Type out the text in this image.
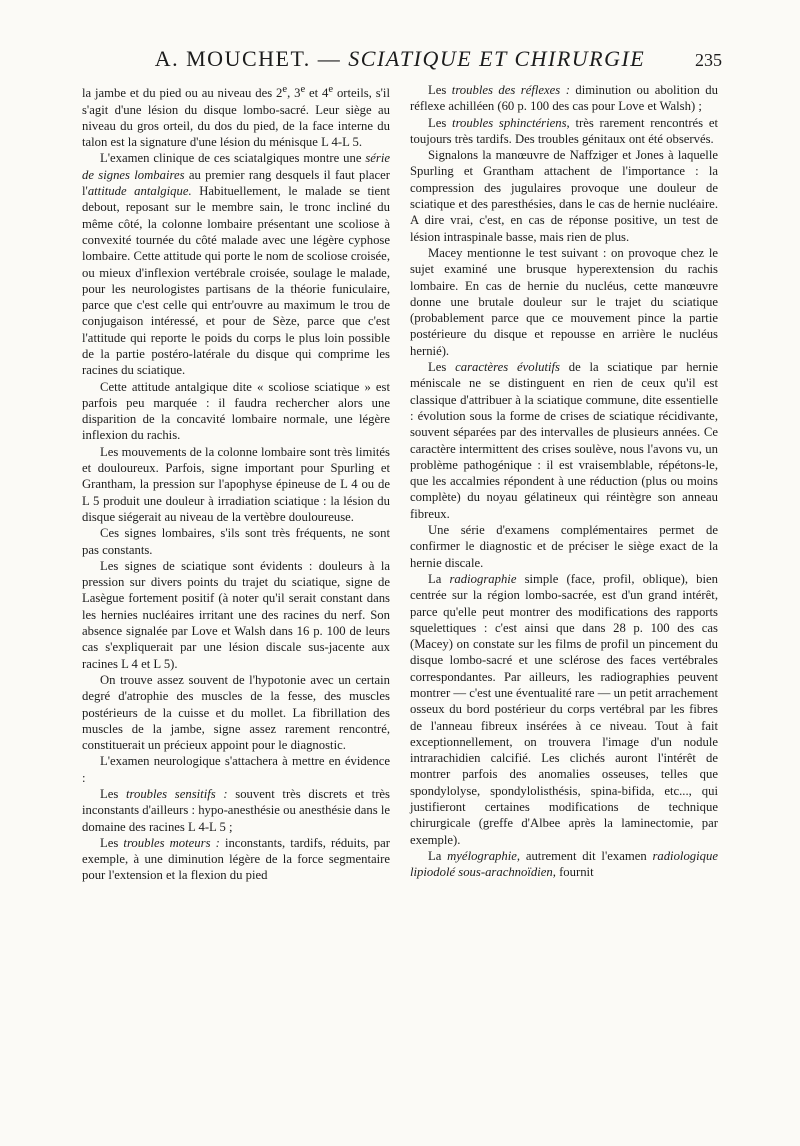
A. MOUCHET. — SCIATIQUE ET CHIRURGIE	235

la jambe et du pied ou au niveau des 2e, 3e et 4e orteils, s'il s'agit d'une lésion du disque lombo-sacré. Leur siège au niveau du gros orteil, du dos du pied, de la face interne du talon est la signature d'une lésion du ménisque L 4-L 5.

L'examen clinique de ces sciatalgiques montre une série de signes lombaires au premier rang desquels il faut placer l'attitude antalgique. Habituellement, le malade se tient debout, reposant sur le membre sain, le tronc incliné du même côté, la colonne lombaire présentant une scoliose à convexité tournée du côté malade avec une légère cyphose lombaire. Cette attitude qui porte le nom de scoliose croisée, ou mieux d'inflexion vertébrale croisée, soulage le malade, pour les neurologistes partisans de la théorie funiculaire, parce que c'est celle qui entr'ouvre au maximum le trou de conjugaison intéressé, et pour de Sèze, parce que c'est l'attitude qui reporte le poids du corps le plus loin possible de la partie postéro-latérale du disque qui comprime les racines du sciatique.

Cette attitude antalgique dite « scoliose sciatique » est parfois peu marquée : il faudra rechercher alors une disparition de la concavité lombaire normale, une légère inflexion du rachis.

Les mouvements de la colonne lombaire sont très limités et douloureux. Parfois, signe important pour Spurling et Grantham, la pression sur l'apophyse épineuse de L 4 ou de L 5 produit une douleur à irradiation sciatique : la lésion du disque siégerait au niveau de la vertèbre douloureuse.

Ces signes lombaires, s'ils sont très fréquents, ne sont pas constants.

Les signes de sciatique sont évidents : douleurs à la pression sur divers points du trajet du sciatique, signe de Lasègue fortement positif (à noter qu'il serait constant dans les hernies nucléaires irritant une des racines du nerf. Son absence signalée par Love et Walsh dans 16 p. 100 de leurs cas s'expliquerait par une lésion discale sus-jacente aux racines L 4 et L 5).

On trouve assez souvent de l'hypotonie avec un certain degré d'atrophie des muscles de la fesse, des muscles postérieurs de la cuisse et du mollet. La fibrillation des muscles de la jambe, signe assez rarement rencontré, constituerait un précieux appoint pour le diagnostic.

L'examen neurologique s'attachera à mettre en évidence :

Les troubles sensitifs : souvent très discrets et très inconstants d'ailleurs : hypo-anesthésie ou anesthésie dans le domaine des racines L 4-L 5 ;

Les troubles moteurs : inconstants, tardifs, réduits, par exemple, à une diminution légère de la force segmentaire pour l'extension et la flexion du pied

Les troubles des réflexes : diminution ou abolition du réflexe achilléen (60 p. 100 des cas pour Love et Walsh) ;

Les troubles sphinctériens, très rarement rencontrés et toujours très tardifs. Des troubles génitaux ont été observés.

Signalons la manœuvre de Naffziger et Jones à laquelle Spurling et Grantham attachent de l'importance : la compression des jugulaires provoque une douleur de sciatique et des paresthésies, dans le cas de hernie nucléaire. A dire vrai, c'est, en cas de réponse positive, un test de lésion intraspinale basse, mais rien de plus.

Macey mentionne le test suivant : on provoque chez le sujet examiné une brusque hyperextension du rachis lombaire. En cas de hernie du nucléus, cette manœuvre donne une brutale douleur sur le trajet du sciatique (probablement parce que ce mouvement pince la partie postérieure du disque et repousse en arrière le nucléus hernié).

Les caractères évolutifs de la sciatique par hernie méniscale ne se distinguent en rien de ceux qu'il est classique d'attribuer à la sciatique commune, dite essentielle : évolution sous la forme de crises de sciatique récidivante, souvent séparées par des intervalles de plusieurs années. Ce caractère intermittent des crises soulève, nous l'avons vu, un problème pathogénique : il est vraisemblable, répétons-le, que les accalmies répondent à une réduction (plus ou moins complète) du noyau gélatineux qui réintègre son anneau fibreux.

Une série d'examens complémentaires permet de confirmer le diagnostic et de préciser le siège exact de la hernie discale.

La radiographie simple (face, profil, oblique), bien centrée sur la région lombo-sacrée, est d'un grand intérêt, parce qu'elle peut montrer des modifications des rapports squelettiques : c'est ainsi que dans 28 p. 100 des cas (Macey) on constate sur les films de profil un pincement du disque lombo-sacré et une sclérose des faces vertébrales correspondantes. Par ailleurs, les radiographies peuvent montrer — c'est une éventualité rare — un petit arrachement osseux du bord postérieur du corps vertébral par les fibres de l'anneau fibreux insérées à ce niveau. Tout à fait exceptionnellement, on trouvera l'image d'un nodule intrarachidien calcifié. Les clichés auront l'intérêt de montrer parfois des anomalies osseuses, telles que spondylolyse, spondylolisthésis, spina-bifida, etc..., qui justifieront certaines modifications de technique chirurgicale (greffe d'Albee après la laminectomie, par exemple).

La myélographie, autrement dit l'examen radiologique lipiodolé sous-arachnoïdien, fournit
